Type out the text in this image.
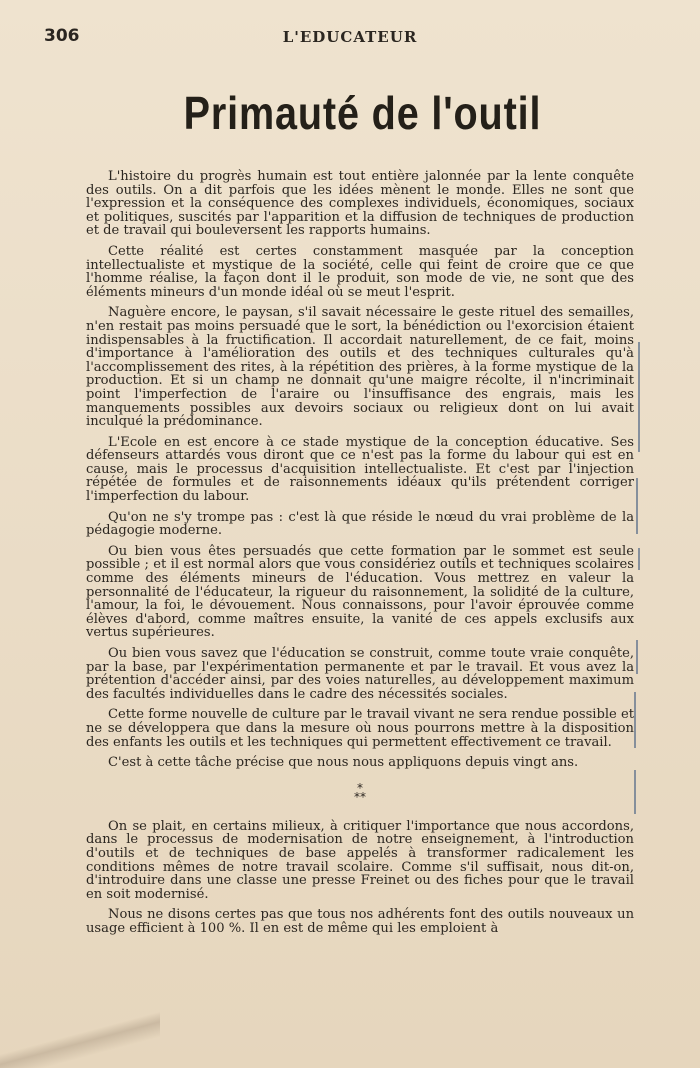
306	L'EDUCATEUR
Primauté de l'outil

L'histoire du progrès humain est tout entière jalonnée par la lente conquête des outils. On a dit parfois que les idées mènent le monde. Elles ne sont que l'expression et la conséquence des complexes individuels, économiques, sociaux et politiques, suscités par l'apparition et la diffusion de techniques de production et de travail qui bouleversent les rapports humains.

Cette réalité est certes constamment masquée par la conception intellectualiste et mystique de la société, celle qui feint de croire que ce que l'homme réalise, la façon dont il le produit, son mode de vie, ne sont que des éléments mineurs d'un monde idéal où se meut l'esprit.

Naguère encore, le paysan, s'il savait nécessaire le geste rituel des semailles, n'en restait pas moins persuadé que le sort, la bénédiction ou l'exorcision étaient indispensables à la fructification. Il accordait naturellement, de ce fait, moins d'importance à l'amélioration des outils et des techniques culturales qu'à l'accomplissement des rites, à la répétition des prières, à la forme mystique de la production. Et si un champ ne donnait qu'une maigre récolte, il n'incriminait point l'imperfection de l'araire ou l'insuffisance des engrais, mais les manquements possibles aux devoirs sociaux ou religieux dont on lui avait inculqué la prédominance.

L'Ecole en est encore à ce stade mystique de la conception éducative. Ses défenseurs attardés vous diront que ce n'est pas la forme du labour qui est en cause, mais le processus d'acquisition intellectualiste. Et c'est par l'injection répétée de formules et de raisonnements idéaux qu'ils prétendent corriger l'imperfection du labour.

Qu'on ne s'y trompe pas : c'est là que réside le nœud du vrai problème de la pédagogie moderne.

Ou bien vous êtes persuadés que cette formation par le sommet est seule possible ; et il est normal alors que vous considériez outils et techniques scolaires comme des éléments mineurs de l'éducation. Vous mettrez en valeur la personnalité de l'éducateur, la rigueur du raisonnement, la solidité de la culture, l'amour, la foi, le dévouement. Nous connaissons, pour l'avoir éprouvée comme élèves d'abord, comme maîtres ensuite, la vanité de ces appels exclusifs aux vertus supérieures.

Ou bien vous savez que l'éducation se construit, comme toute vraie conquête, par la base, par l'expérimentation permanente et par le travail. Et vous avez la prétention d'accéder ainsi, par des voies naturelles, au développement maximum des facultés individuelles dans le cadre des nécessités sociales.

Cette forme nouvelle de culture par le travail vivant ne sera rendue possible et ne se développera que dans la mesure où nous pourrons mettre à la disposition des enfants les outils et les techniques qui permettent effectivement ce travail.

C'est à cette tâche précise que nous nous appliquons depuis vingt ans.

*
**

On se plait, en certains milieux, à critiquer l'importance que nous accordons, dans le processus de modernisation de notre enseignement, à l'introduction d'outils et de techniques de base appelés à transformer radicalement les conditions mêmes de notre travail scolaire. Comme s'il suffisait, nous dit-on, d'introduire dans une classe une presse Freinet ou des fiches pour que le travail en soit modernisé.

Nous ne disons certes pas que tous nos adhérents font des outils nouveaux un usage efficient à 100 %. Il en est de même qui les emploient à
